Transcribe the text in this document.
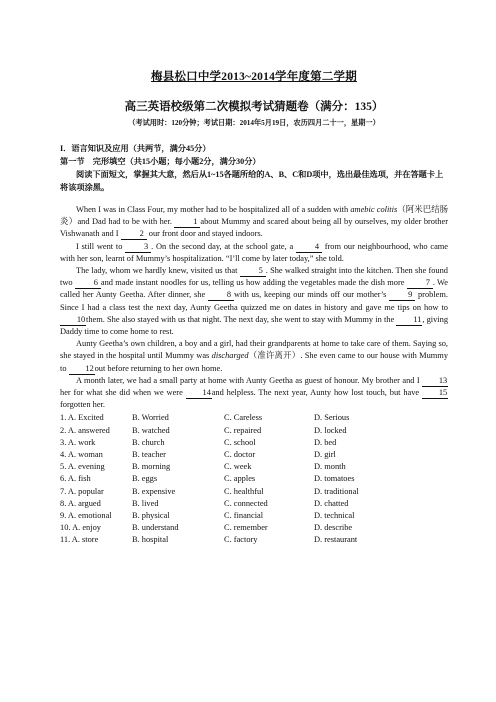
梅县松口中学2013~2014学年度第二学期
高三英语校级第二次模拟考试猜题卷（满分：135）
（考试用时：120分钟；考试日期：2014年5月19日，农历四月二十一，星期一）
I．语言知识及应用（共两节，满分45分）
第一节　完形填空（共15小题；每小题2分，满分30分）
阅读下面短文，掌握其大意，然后从1~15各题所给的A、B、C和D项中，选出最佳选项，并在答题卡上将该项涂黑。
When I was in Class Four, my mother had to be hospitalized all of a sudden with amebic colitis（阿米巴结肠炎）and Dad had to be with her.	1 about Mummy and scared about being all by ourselves, my older brother Vishwanath and I	2 our front door and stayed indoors.
I still went to	3 . On the second day, at the school gate, a	4 from our neighbourhood, who came with her son, learnt of Mummy’s hospitalization. “I’ll come by later today,” she told.
The lady, whom we hardly knew, visited us that	5 . She walked straight into the kitchen. Then she found two	6 and made instant noodles for us, telling us how adding the vegetables made the dish more	7 . We called her Aunty Geetha. After dinner, she	8 with us, keeping our minds off our mother’s	9 problem. Since I had a class test the next day, Aunty Geetha quizzed me on dates in history and gave me tips on how to 10them. She also stayed with us that night. The next day, she went to stay with Mummy in the 11, giving Daddy time to come home to rest.
Aunty Geetha’s own children, a boy and a girl, had their grandparents at home to take care of them. Saying so, she stayed in the hospital until Mummy was discharged（准许离开）. She even came to our house with Mummy to 12out before returning to her own home.
A month later, we had a small party at home with Aunty Geetha as guest of honour. My brother and I 13her for what she did when we were 14and helpless. The next year, Aunty how lost touch, but have 15forgotten her.
1. A. Excited	B. Worried	C. Careless	D. Serious
2. A. answered	B. watched	C. repaired	D. locked
3. A. work	B. church	C. school	D. bed
4. A. woman	B. teacher	C. doctor	D. girl
5. A. evening	B. morning	C. week	D. month
6. A. fish	B. eggs	C. apples	D. tomatoes
7. A. popular	B. expensive	C. healthful	D. traditional
8. A. argued	B. lived	C. connected	D. chatted
9. A. emotional	B. physical	C. financial	D. technical
10. A. enjoy	B. understand	C. remember	D. describe
11. A. store	B. hospital	C. factory	D. restaurant
